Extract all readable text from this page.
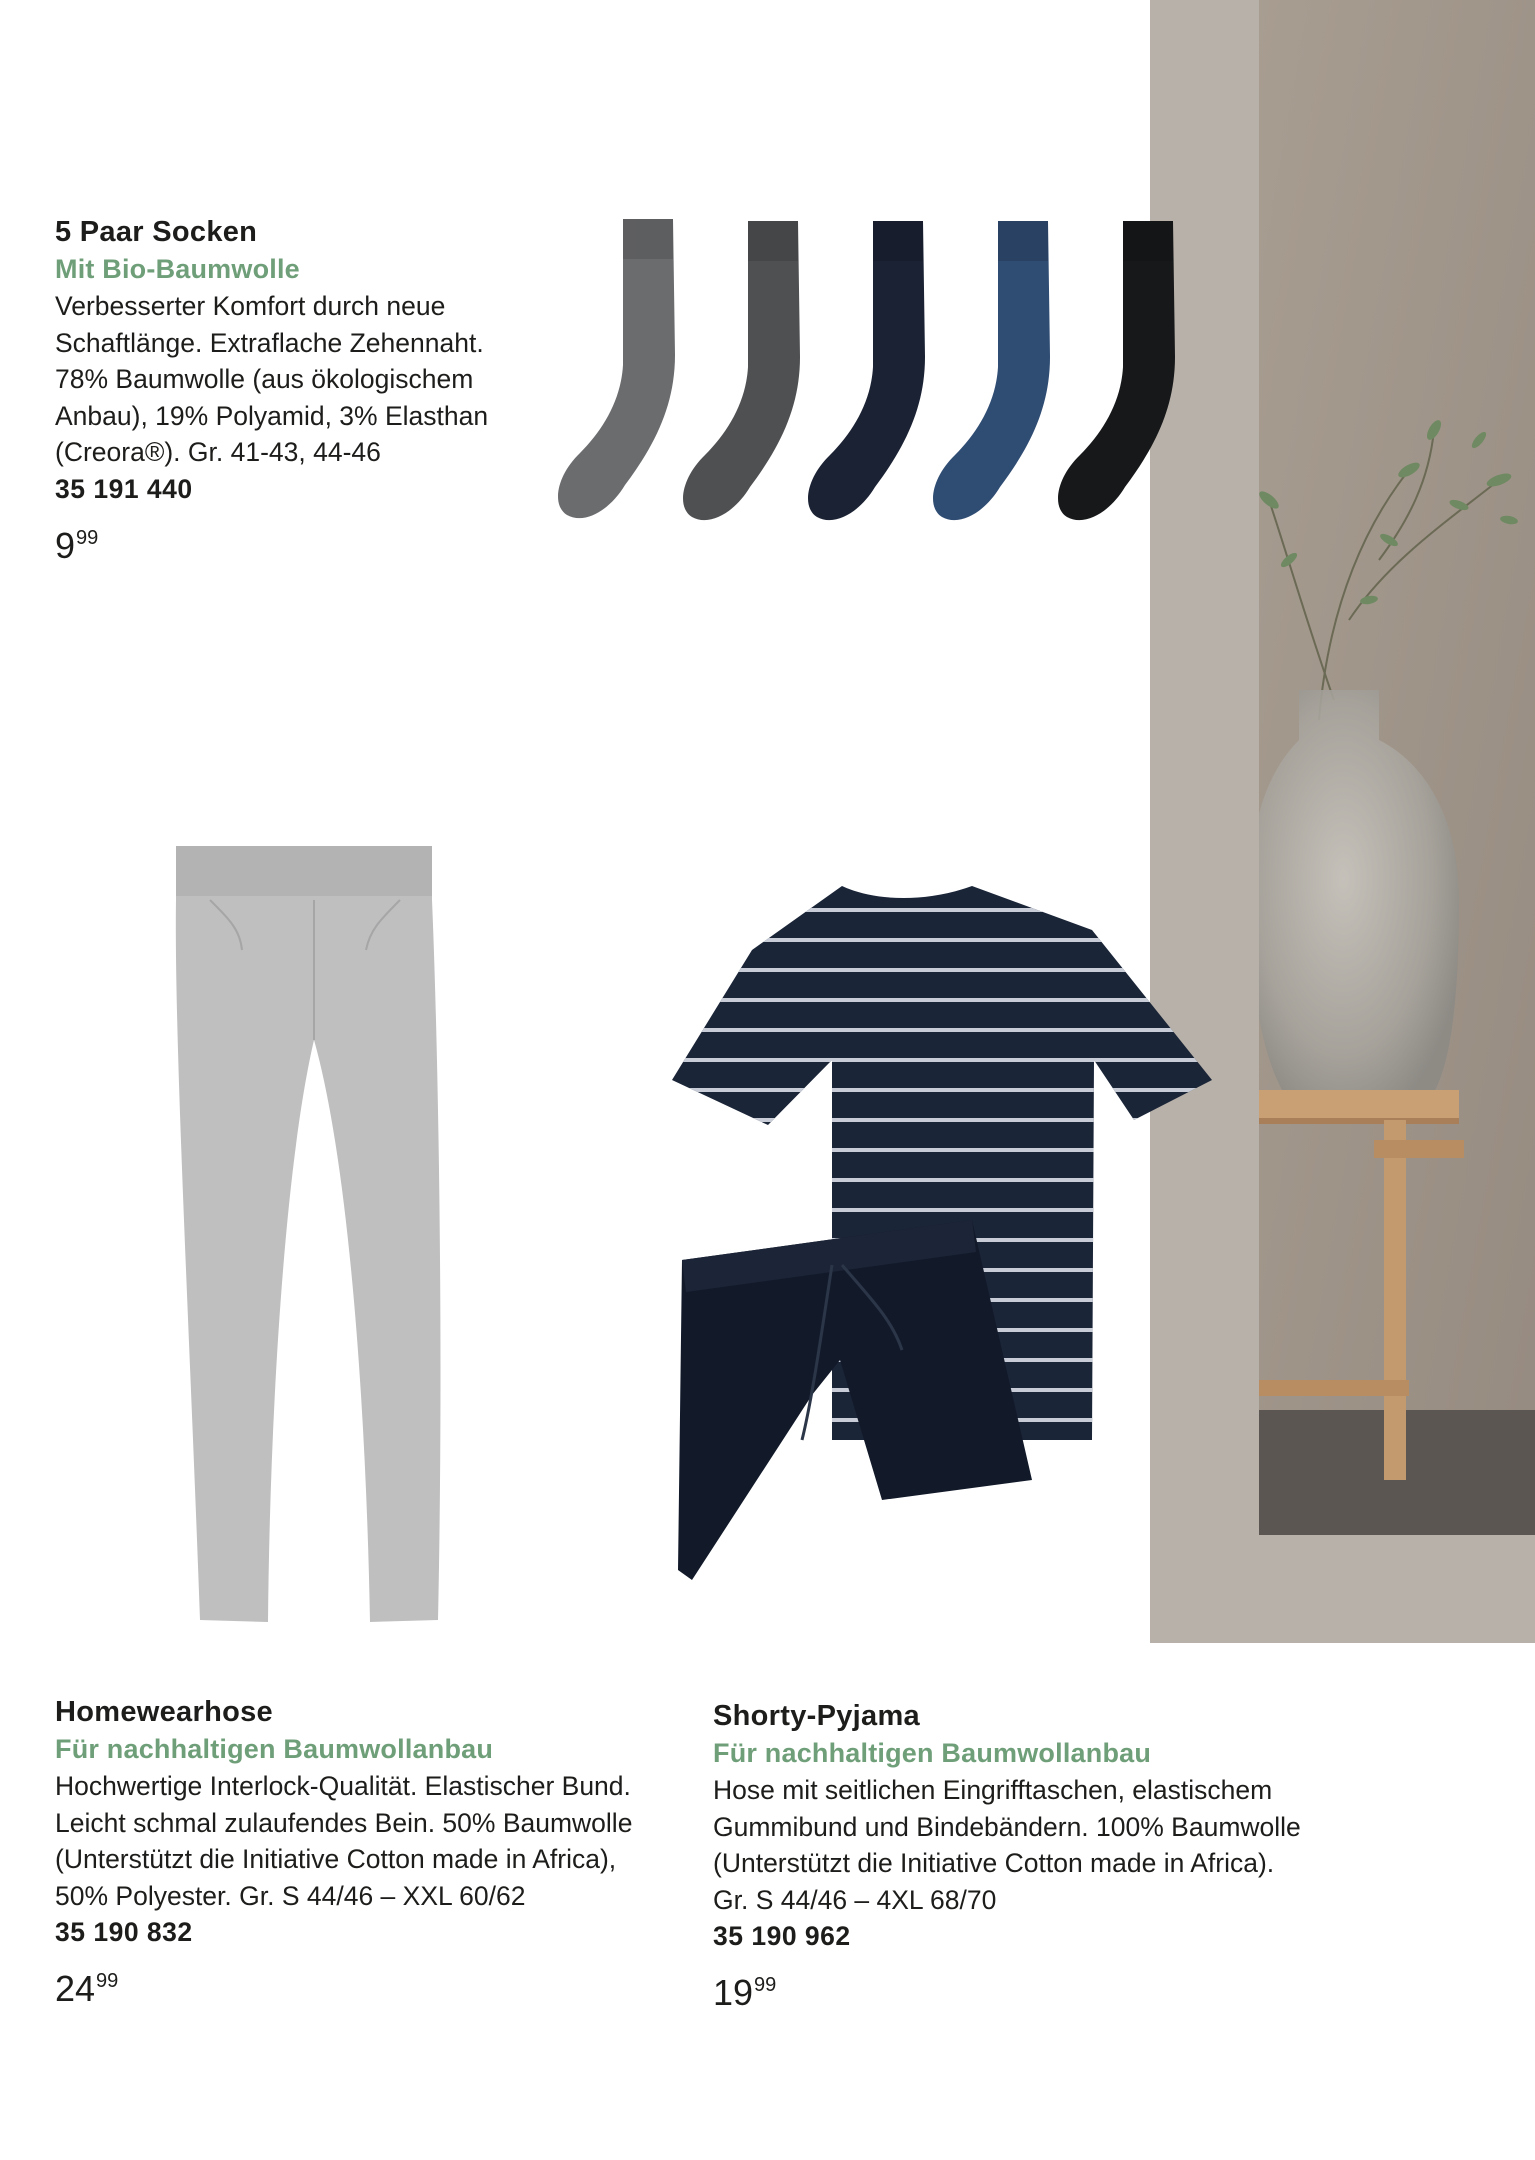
5 Paar Socken
Mit Bio-Baumwolle
Verbesserter Komfort durch neue
Schaftlänge. Extraflache Zehennaht.
78% Baumwolle (aus ökologischem
Anbau), 19% Polyamid, 3% Elasthan
(Creora®). Gr. 41-43, 44-46
35 191 440
$9^{99}$
Homewearhose
Für nachhaltigen Baumwollanbau
Hochwertige Interlock-Qualität. Elastischer Bund.
Leicht schmal zulaufendes Bein. 50% Baumwolle
(Unterstützt die Initiative Cotton made in Africa),
50% Polyester. Gr. S 44/46 – XXL 60/62
35 190 832
$24^{99}$
Shorty-Pyjama
Für nachhaltigen Baumwollanbau
Hose mit seitlichen Eingrifftaschen, elastischem
Gummibund und Bindebändern. 100% Baumwolle
(Unterstützt die Initiative Cotton made in Africa).
Gr. S 44/46 – 4XL 68/70
35 190 962
$19^{99}$
